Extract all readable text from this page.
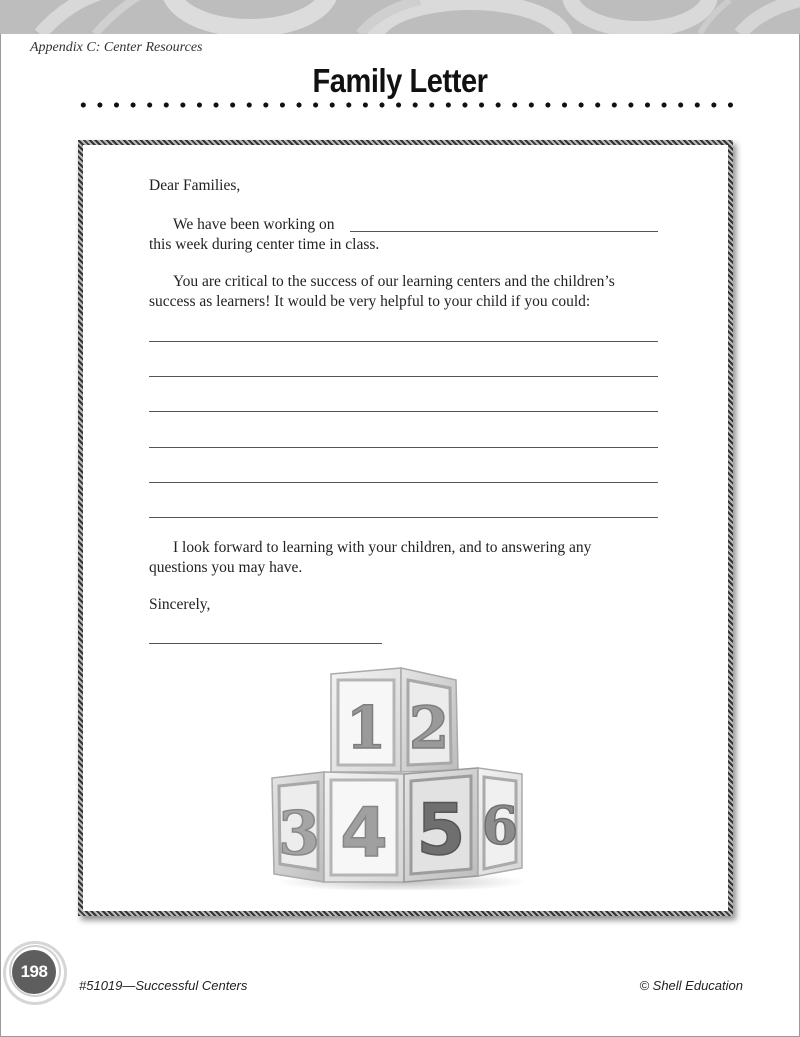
Appendix C: Center Resources
Family Letter
Dear Families,
We have been working on
this week during center time in class.
You are critical to the success of our learning centers and the children’s success as learners! It would be very helpful to your child if you could:
I look forward to learning with your children, and to answering any questions you may have.
Sincerely,
1 2
3 4 5 6
198
#51019—Successful Centers	© Shell Education
